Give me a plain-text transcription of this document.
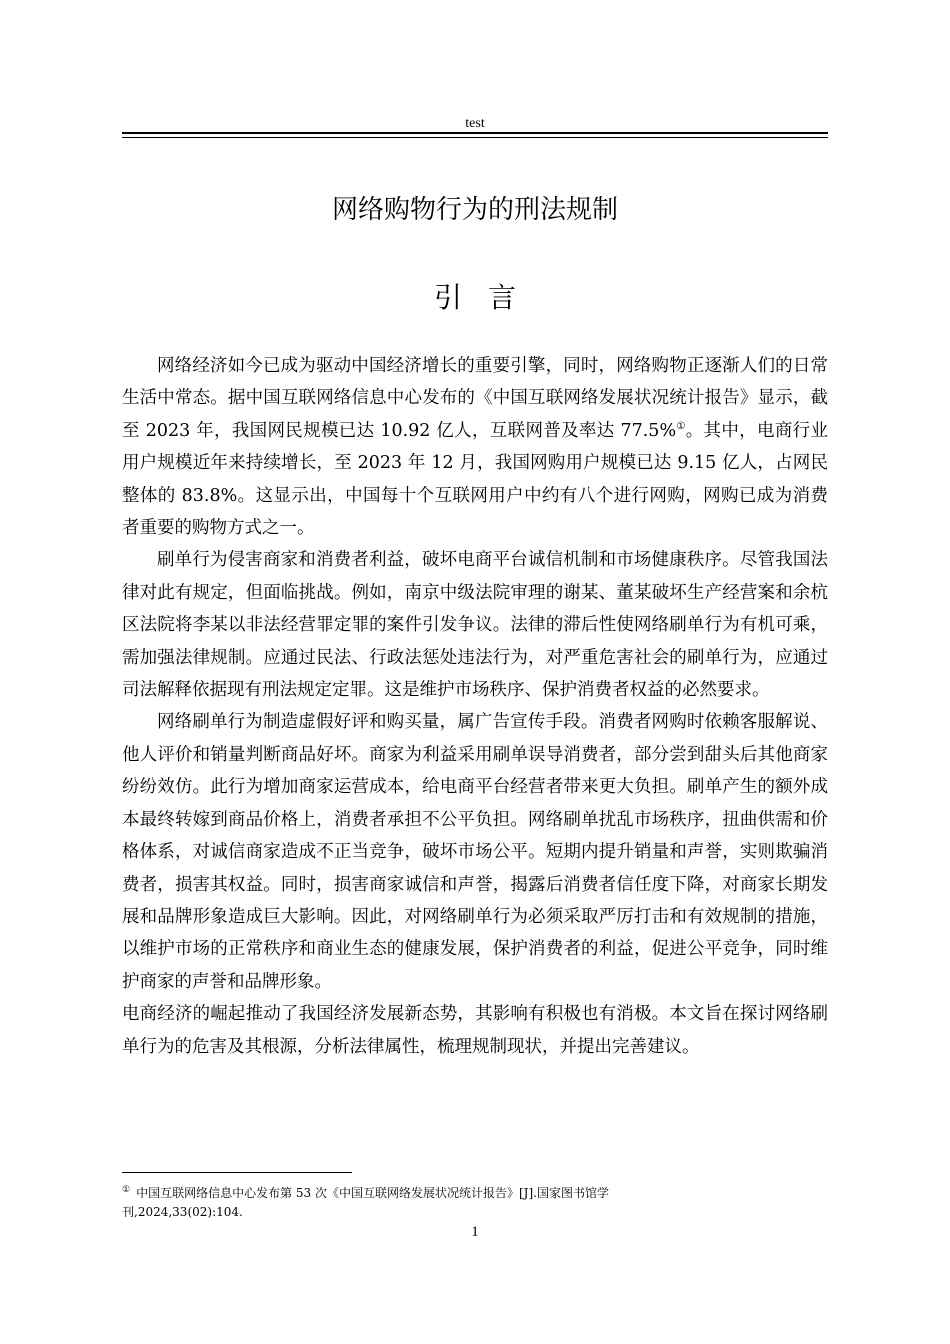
test
网络购物行为的刑法规制
引言

网络经济如今已成为驱动中国经济增长的重要引擎，同时，网络购物正逐渐人们的日常生活中常态。据中国互联网络信息中心发布的《中国互联网络发展状况统计报告》显示，截至 2023 年，我国网民规模已达 10.92 亿人，互联网普及率达 77.5%①。其中，电商行业用户规模近年来持续增长，至 2023 年 12 月，我国网购用户规模已达 9.15 亿人，占网民整体的 83.8%。这显示出，中国每十个互联网用户中约有八个进行网购，网购已成为消费者重要的购物方式之一。

刷单行为侵害商家和消费者利益，破坏电商平台诚信机制和市场健康秩序。尽管我国法律对此有规定，但面临挑战。例如，南京中级法院审理的谢某、董某破坏生产经营案和余杭区法院将李某以非法经营罪定罪的案件引发争议。法律的滞后性使网络刷单行为有机可乘，需加强法律规制。应通过民法、行政法惩处违法行为，对严重危害社会的刷单行为，应通过司法解释依据现有刑法规定定罪。这是维护市场秩序、保护消费者权益的必然要求。

网络刷单行为制造虚假好评和购买量，属广告宣传手段。消费者网购时依赖客服解说、他人评价和销量判断商品好坏。商家为利益采用刷单误导消费者，部分尝到甜头后其他商家纷纷效仿。此行为增加商家运营成本，给电商平台经营者带来更大负担。刷单产生的额外成本最终转嫁到商品价格上，消费者承担不公平负担。网络刷单扰乱市场秩序，扭曲供需和价格体系，对诚信商家造成不正当竞争，破坏市场公平。短期内提升销量和声誉，实则欺骗消费者，损害其权益。同时，损害商家诚信和声誉，揭露后消费者信任度下降，对商家长期发展和品牌形象造成巨大影响。因此，对网络刷单行为必须采取严厉打击和有效规制的措施，以维护市场的正常秩序和商业生态的健康发展，保护消费者的利益，促进公平竞争，同时维护商家的声誉和品牌形象。

电商经济的崛起推动了我国经济发展新态势，其影响有积极也有消极。本文旨在探讨网络刷单行为的危害及其根源，分析法律属性，梳理规制现状，并提出完善建议。

① 中国互联网络信息中心发布第 53 次《中国互联网络发展状况统计报告》[J].国家图书馆学刊,2024,33(02):104.
1
